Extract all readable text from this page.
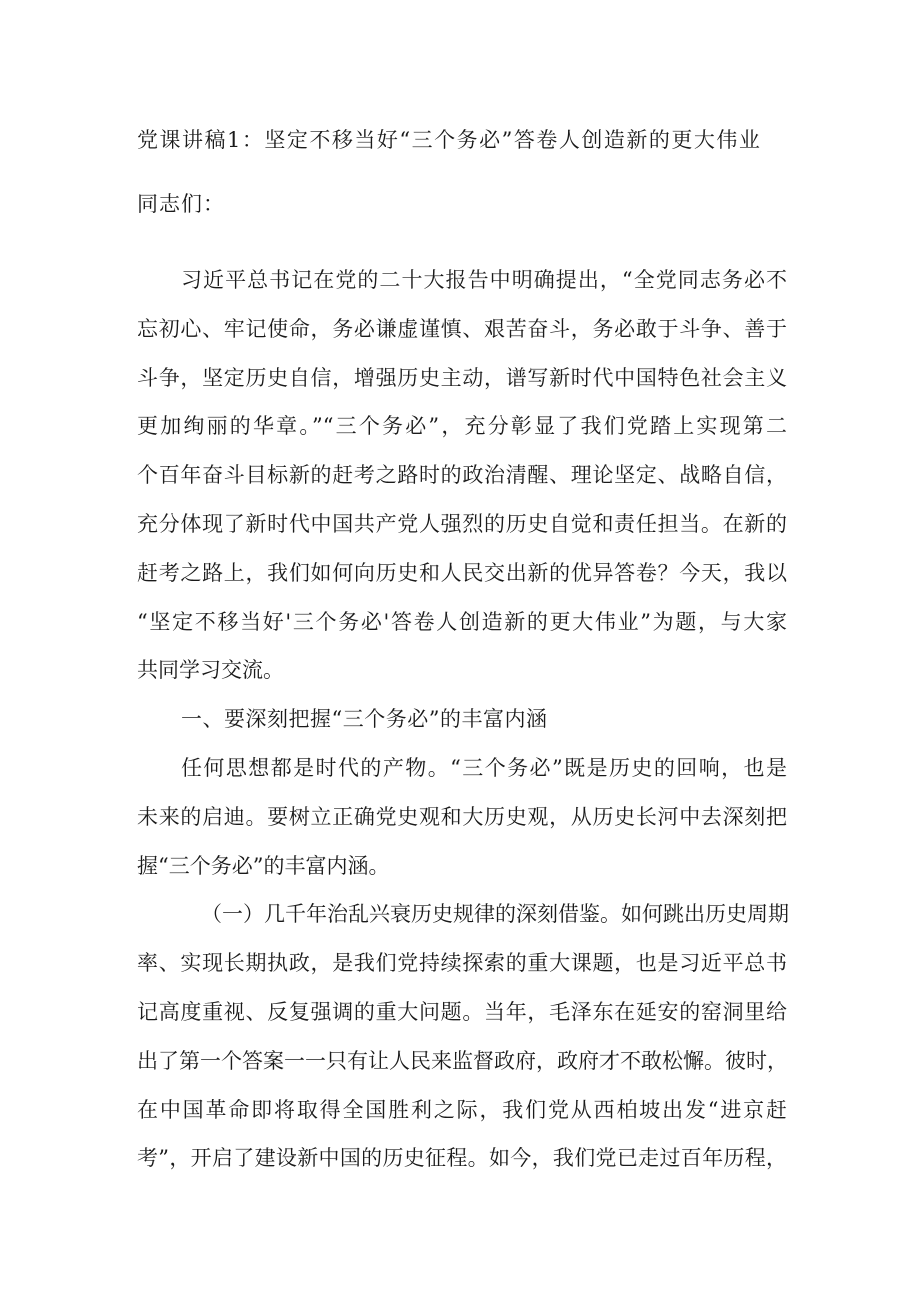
党课讲稿1：坚定不移当好“三个务必”答卷人创造新的更大伟业
同志们：
习近平总书记在党的二十大报告中明确提出，“全党同志务必不
忘初心、牢记使命，务必谦虚谨慎、艰苦奋斗，务必敢于斗争、善于
斗争，坚定历史自信，增强历史主动，谱写新时代中国特色社会主义
更加绚丽的华章。”“三个务必”，充分彰显了我们党踏上实现第二
个百年奋斗目标新的赶考之路时的政治清醒、理论坚定、战略自信，
充分体现了新时代中国共产党人强烈的历史自觉和责任担当。在新的
赶考之路上，我们如何向历史和人民交出新的优异答卷？今天，我以
“坚定不移当好'三个务必'答卷人创造新的更大伟业”为题，与大家
共同学习交流。
一、要深刻把握“三个务必”的丰富内涵
任何思想都是时代的产物。“三个务必”既是历史的回响，也是
未来的启迪。要树立正确党史观和大历史观，从历史长河中去深刻把
握“三个务必”的丰富内涵。
（一）几千年治乱兴衰历史规律的深刻借鉴。如何跳出历史周期
率、实现长期执政，是我们党持续探索的重大课题，也是习近平总书
记高度重视、反复强调的重大问题。当年，毛泽东在延安的窑洞里给
出了第一个答案一一只有让人民来监督政府，政府才不敢松懈。彼时，
在中国革命即将取得全国胜利之际，我们党从西柏坡出发“进京赶
考”，开启了建设新中国的历史征程。如今，我们党已走过百年历程，
